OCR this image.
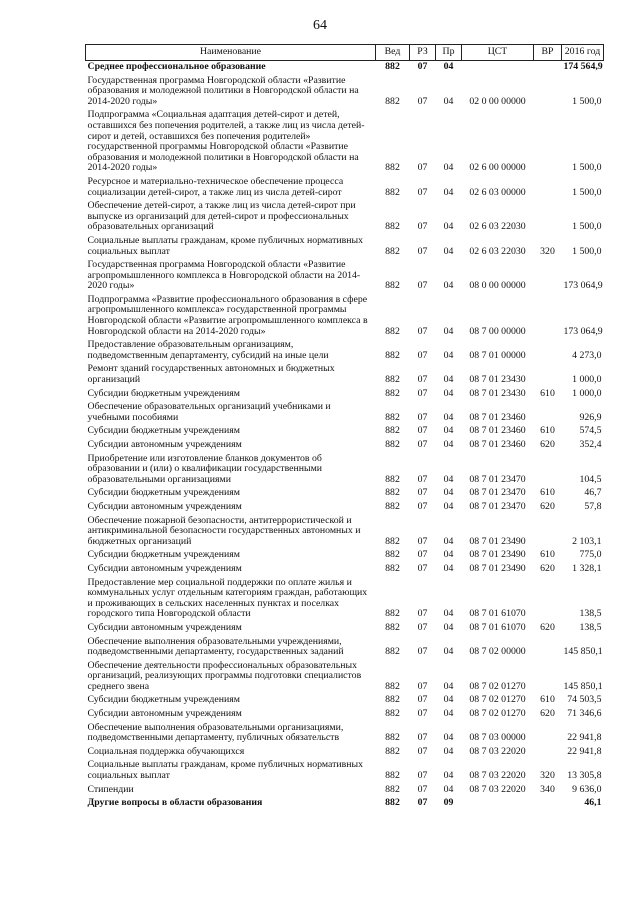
64
Наименование	Вед	РЗ	Пр	ЦСТ	ВР	2016 год
Среднее профессиональное образование	882	07	04			174 564,9
Государственная программа Новгородской области «Развитие образования и молодежной политики в Новгородской области на 2014-2020 годы»	882	07	04	02 0 00 00000		1 500,0
Подпрограмма «Социальная адаптация детей-сирот и детей, оставшихся без попечения родителей, а также лиц из числа детей-сирот и детей, оставшихся без попечения родителей» государственной программы Новгородской области «Развитие образования и молодежной политики в Новгородской области на 2014-2020 годы»	882	07	04	02 6 00 00000		1 500,0
Ресурсное и материально-техническое обеспечение процесса социализации детей-сирот, а также лиц из числа детей-сирот	882	07	04	02 6 03 00000		1 500,0
Обеспечение детей-сирот, а также лиц из числа детей-сирот при выпуске из организаций для детей-сирот и профессиональных образовательных организаций	882	07	04	02 6 03 22030		1 500,0
Социальные выплаты гражданам, кроме публичных нормативных социальных выплат	882	07	04	02 6 03 22030	320	1 500,0
Государственная программа Новгородской области «Развитие агропромышленного комплекса в Новгородской области на 2014-2020 годы»	882	07	04	08 0 00 00000		173 064,9
Подпрограмма «Развитие профессионального образования в сфере агропромышленного комплекса» государственной программы Новгородской области «Развитие агропромышленного комплекса в Новгородской области на 2014-2020 годы»	882	07	04	08 7 00 00000		173 064,9
Предоставление образовательным организациям, подведомственным департаменту, субсидий на иные цели	882	07	04	08 7 01 00000		4 273,0
Ремонт зданий государственных автономных и бюджетных организаций	882	07	04	08 7 01 23430		1 000,0
Субсидии бюджетным учреждениям	882	07	04	08 7 01 23430	610	1 000,0
Обеспечение образовательных организаций учебниками и учебными пособиями	882	07	04	08 7 01 23460		926,9
Субсидии бюджетным учреждениям	882	07	04	08 7 01 23460	610	574,5
Субсидии автономным учреждениям	882	07	04	08 7 01 23460	620	352,4
Приобретение или изготовление бланков документов об образовании и (или) о квалификации государственными образовательными организациями	882	07	04	08 7 01 23470		104,5
Субсидии бюджетным учреждениям	882	07	04	08 7 01 23470	610	46,7
Субсидии автономным учреждениям	882	07	04	08 7 01 23470	620	57,8
Обеспечение пожарной безопасности, антитеррористической и антикриминальной безопасности государственных автономных и бюджетных организаций	882	07	04	08 7 01 23490		2 103,1
Субсидии бюджетным учреждениям	882	07	04	08 7 01 23490	610	775,0
Субсидии автономным учреждениям	882	07	04	08 7 01 23490	620	1 328,1
Предоставление мер социальной поддержки по оплате жилья и коммунальных услуг отдельным категориям граждан, работающих и проживающих в сельских населенных пунктах и поселках городского типа Новгородской области	882	07	04	08 7 01 61070		138,5
Субсидии автономным учреждениям	882	07	04	08 7 01 61070	620	138,5
Обеспечение выполнения образовательными учреждениями, подведомственными департаменту, государственных заданий	882	07	04	08 7 02 00000		145 850,1
Обеспечение деятельности профессиональных образовательных организаций, реализующих программы подготовки специалистов среднего звена	882	07	04	08 7 02 01270		145 850,1
Субсидии бюджетным учреждениям	882	07	04	08 7 02 01270	610	74 503,5
Субсидии автономным учреждениям	882	07	04	08 7 02 01270	620	71 346,6
Обеспечение выполнения образовательными организациями, подведомственными департаменту, публичных обязательств	882	07	04	08 7 03 00000		22 941,8
Социальная поддержка обучающихся	882	07	04	08 7 03 22020		22 941,8
Социальные выплаты гражданам, кроме публичных нормативных социальных выплат	882	07	04	08 7 03 22020	320	13 305,8
Стипендии	882	07	04	08 7 03 22020	340	9 636,0
Другие вопросы в области образования	882	07	09			46,1
